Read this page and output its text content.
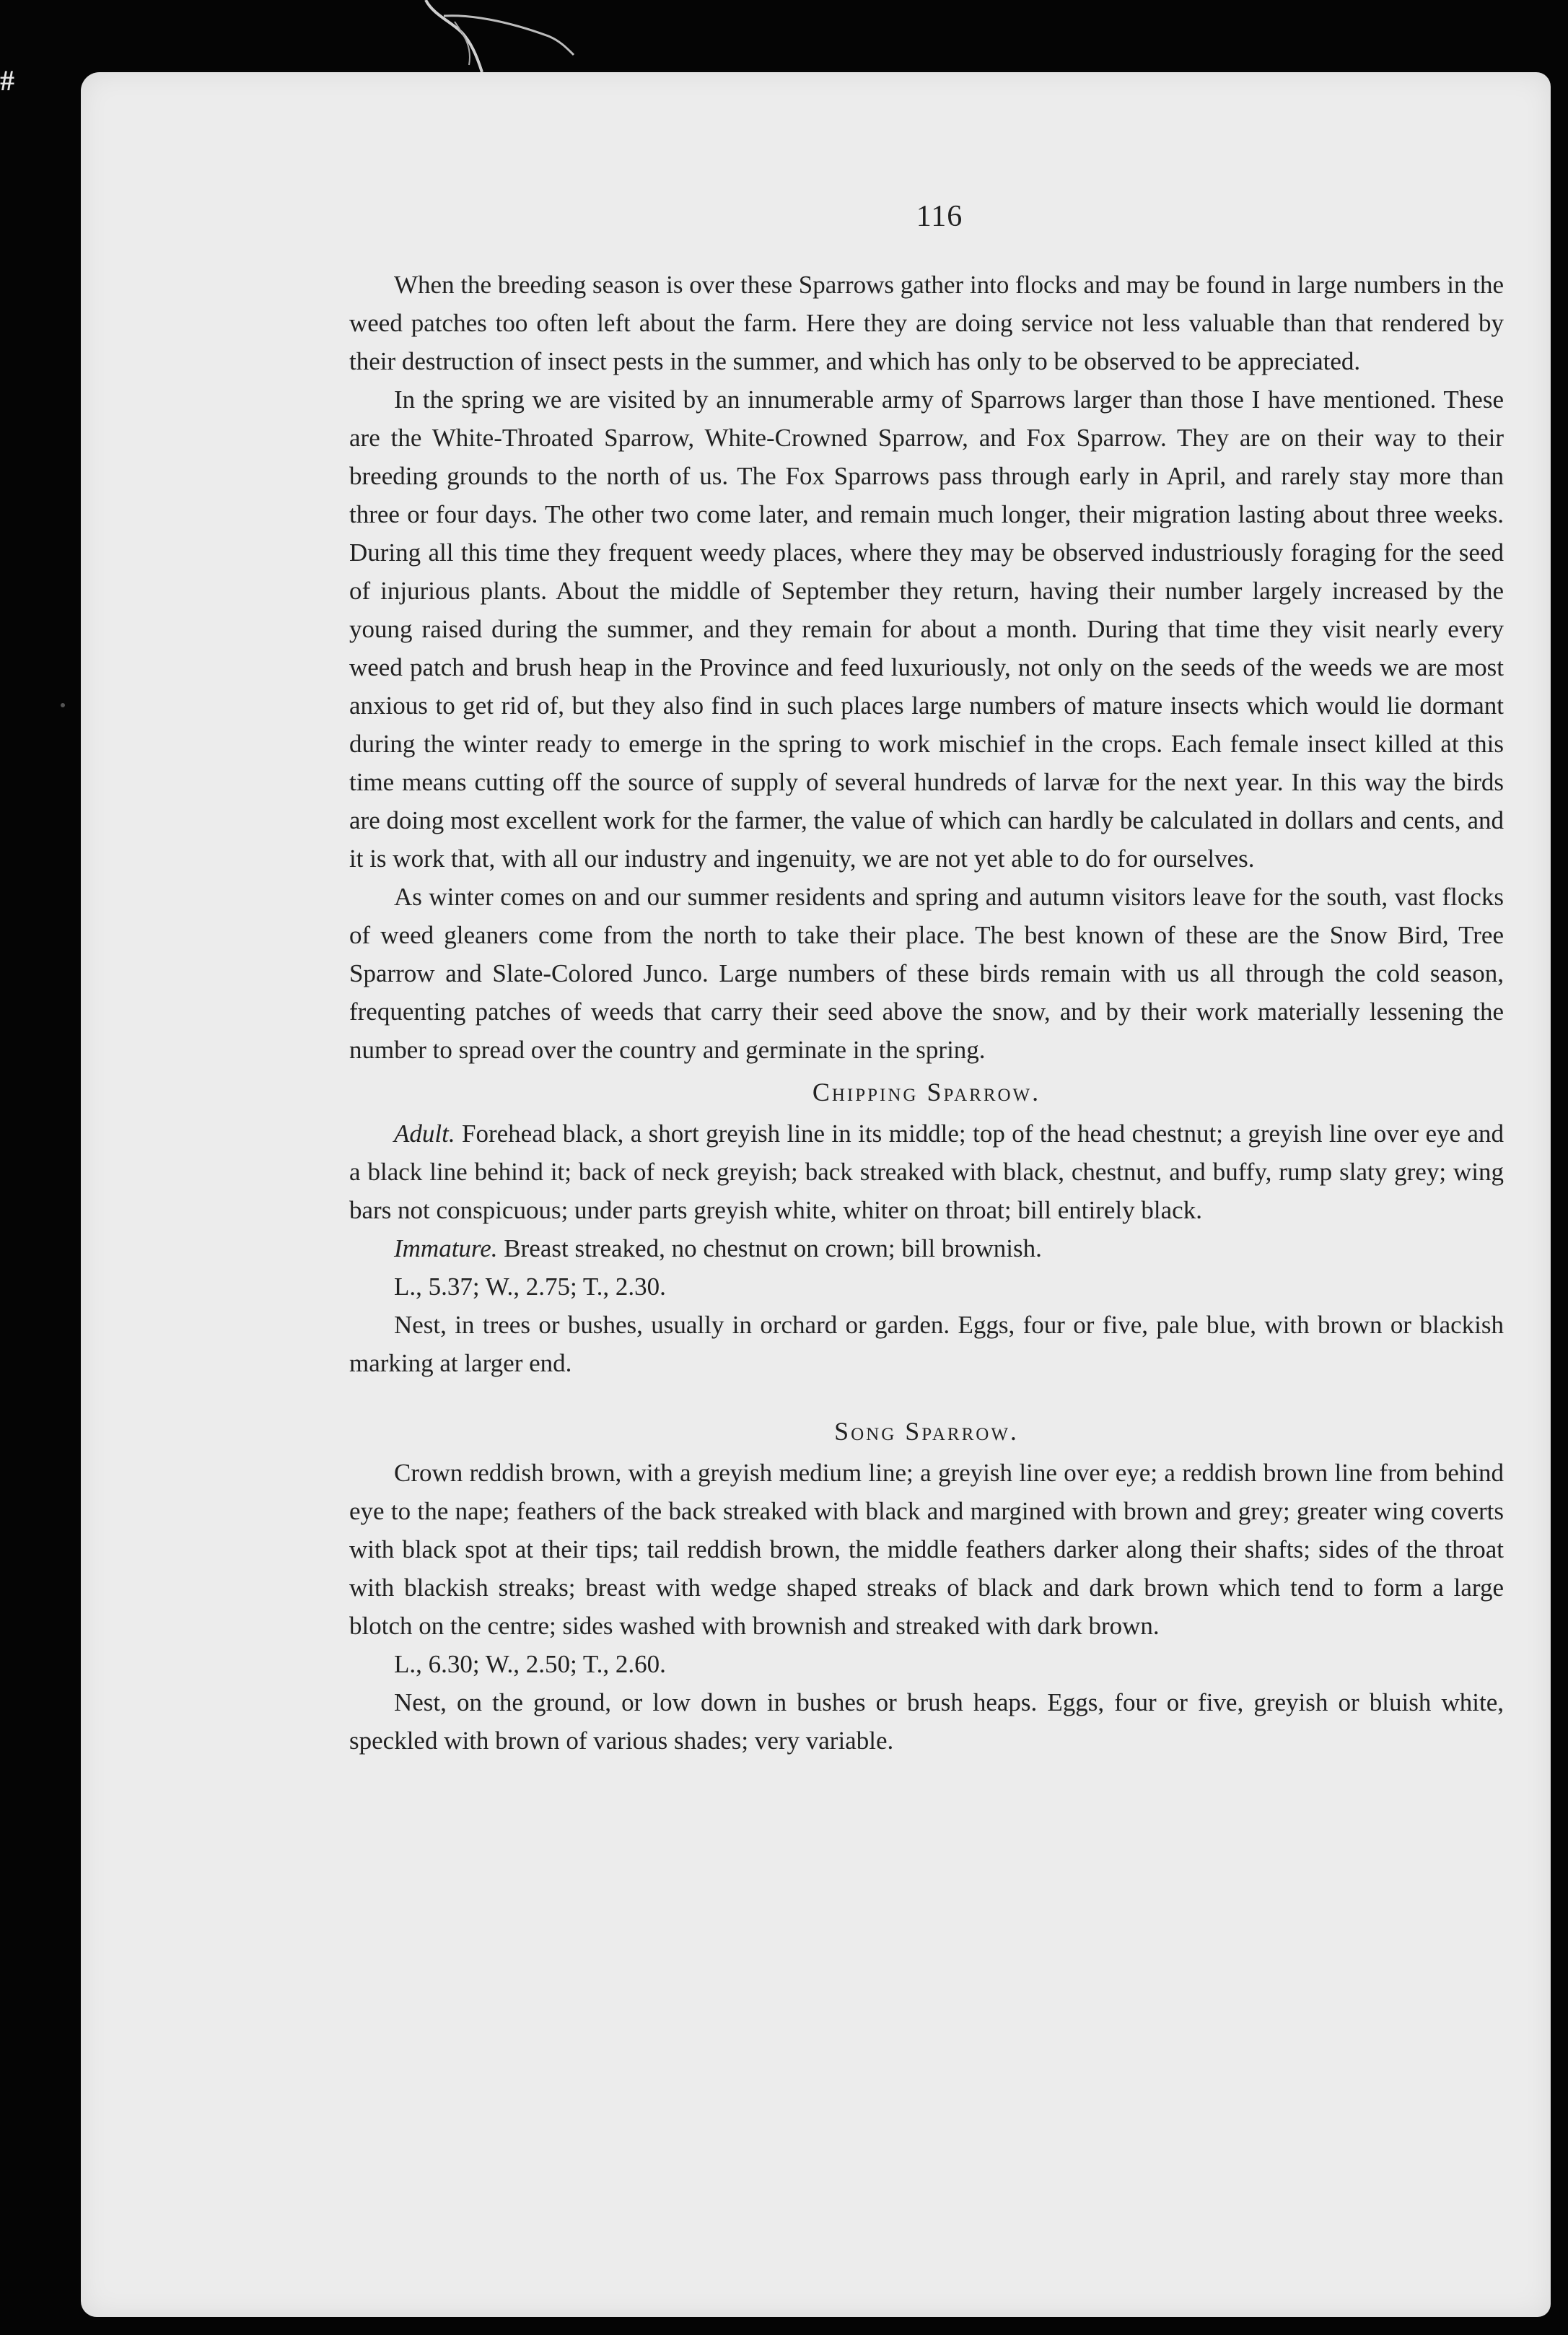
#
116

When the breeding season is over these Sparrows gather into flocks and may be found in large numbers in the weed patches too often left about the farm. Here they are doing service not less valuable than that rendered by their destruction of insect pests in the summer, and which has only to be observed to be appreciated.

In the spring we are visited by an innumerable army of Sparrows larger than those I have mentioned. These are the White-Throated Sparrow, White-Crowned Sparrow, and Fox Sparrow. They are on their way to their breeding grounds to the north of us. The Fox Sparrows pass through early in April, and rarely stay more than three or four days. The other two come later, and remain much longer, their migration lasting about three weeks. During all this time they frequent weedy places, where they may be observed industriously foraging for the seed of injurious plants. About the middle of September they return, having their number largely increased by the young raised during the summer, and they remain for about a month. During that time they visit nearly every weed patch and brush heap in the Province and feed luxuriously, not only on the seeds of the weeds we are most anxious to get rid of, but they also find in such places large numbers of mature insects which would lie dormant during the winter ready to emerge in the spring to work mischief in the crops. Each female insect killed at this time means cutting off the source of supply of several hundreds of larvæ for the next year. In this way the birds are doing most excellent work for the farmer, the value of which can hardly be calculated in dollars and cents, and it is work that, with all our industry and ingenuity, we are not yet able to do for ourselves.

As winter comes on and our summer residents and spring and autumn visitors leave for the south, vast flocks of weed gleaners come from the north to take their place. The best known of these are the Snow Bird, Tree Sparrow and Slate-Colored Junco. Large numbers of these birds remain with us all through the cold season, frequenting patches of weeds that carry their seed above the snow, and by their work materially lessening the number to spread over the country and germinate in the spring.

Chipping Sparrow.

Adult. Forehead black, a short greyish line in its middle; top of the head chestnut; a greyish line over eye and a black line behind it; back of neck greyish; back streaked with black, chestnut, and buffy, rump slaty grey; wing bars not conspicuous; under parts greyish white, whiter on throat; bill entirely black.

Immature. Breast streaked, no chestnut on crown; bill brownish.

L., 5.37; W., 2.75; T., 2.30.

Nest, in trees or bushes, usually in orchard or garden. Eggs, four or five, pale blue, with brown or blackish marking at larger end.

Song Sparrow.

Crown reddish brown, with a greyish medium line; a greyish line over eye; a reddish brown line from behind eye to the nape; feathers of the back streaked with black and margined with brown and grey; greater wing coverts with black spot at their tips; tail reddish brown, the middle feathers darker along their shafts; sides of the throat with blackish streaks; breast with wedge shaped streaks of black and dark brown which tend to form a large blotch on the centre; sides washed with brownish and streaked with dark brown.

L., 6.30; W., 2.50; T., 2.60.

Nest, on the ground, or low down in bushes or brush heaps. Eggs, four or five, greyish or bluish white, speckled with brown of various shades; very variable.
